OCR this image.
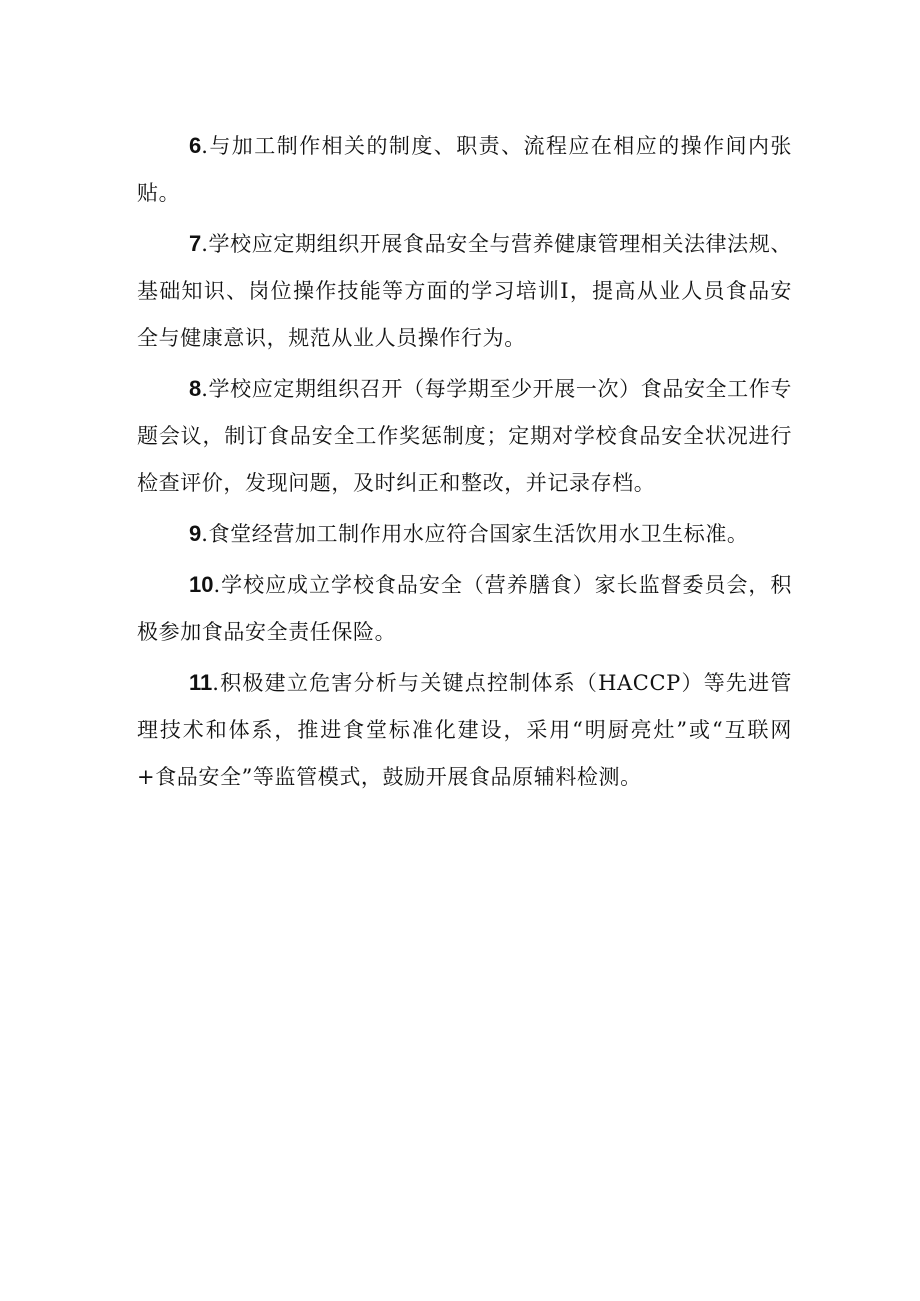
6.与加工制作相关的制度、职责、流程应在相应的操作间内张贴。

7.学校应定期组织开展食品安全与营养健康管理相关法律法规、基础知识、岗位操作技能等方面的学习培训I，提高从业人员食品安全与健康意识，规范从业人员操作行为。

8.学校应定期组织召开（每学期至少开展一次）食品安全工作专题会议，制订食品安全工作奖惩制度；定期对学校食品安全状况进行检查评价，发现问题，及时纠正和整改，并记录存档。

9.食堂经营加工制作用水应符合国家生活饮用水卫生标准。

10.学校应成立学校食品安全（营养膳食）家长监督委员会，积极参加食品安全责任保险。

11.积极建立危害分析与关键点控制体系（HACCP）等先进管理技术和体系，推进食堂标准化建设，采用“明厨亮灶”或“互联网+食品安全”等监管模式，鼓励开展食品原辅料检测。
